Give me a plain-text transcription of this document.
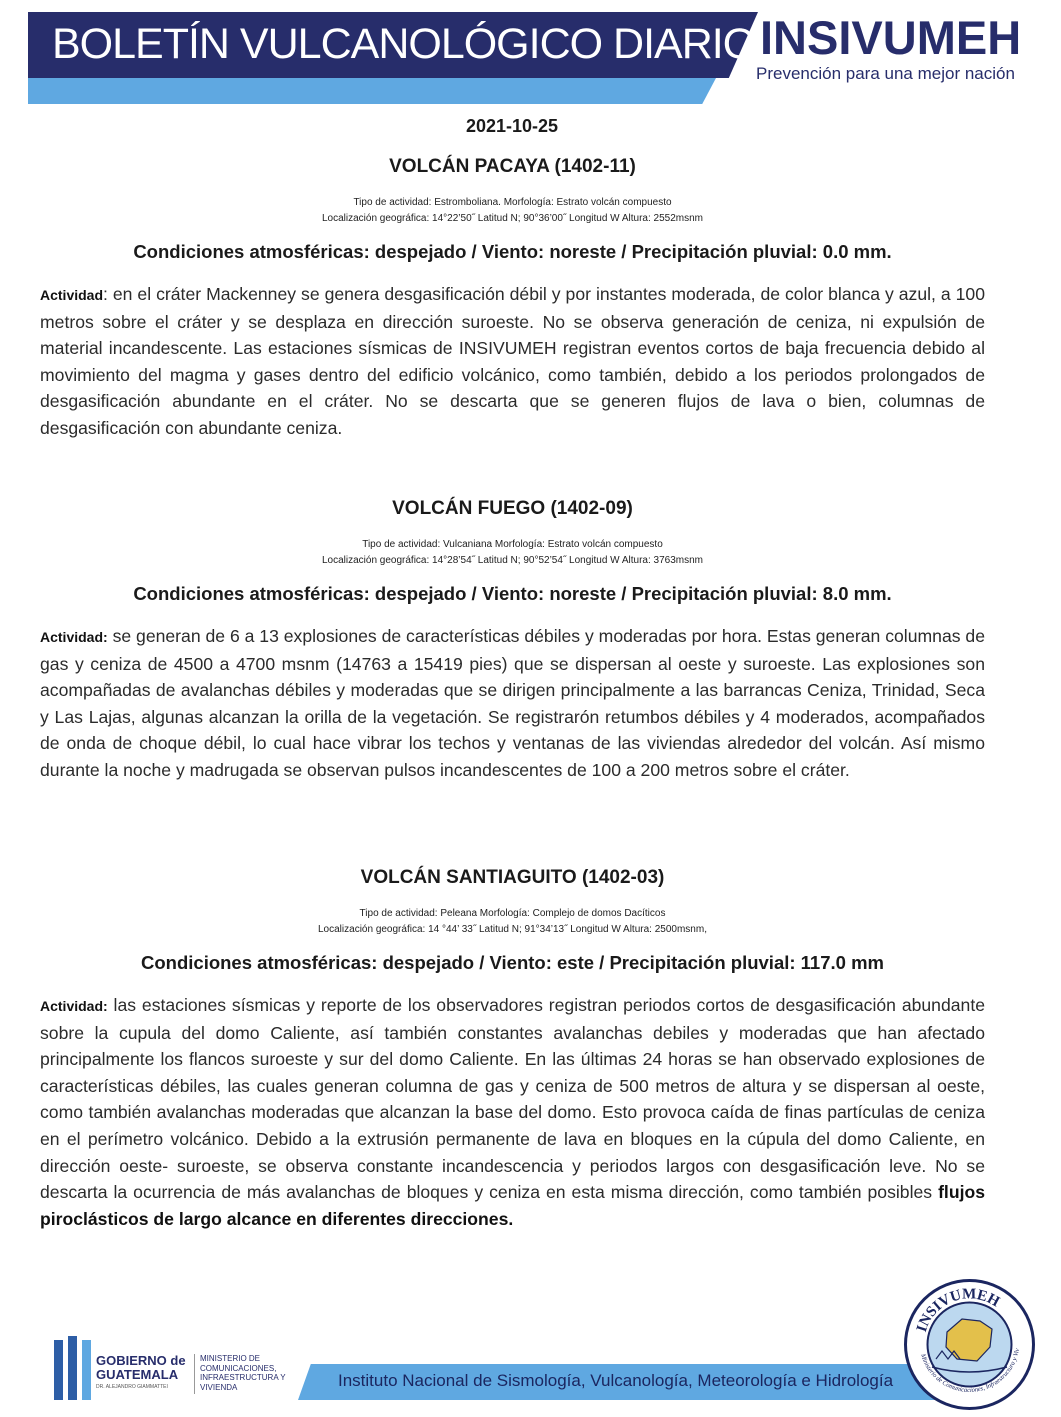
BOLETÍN VULCANOLÓGICO DIARIO INSIVUMEH
Prevención para una mejor nación
2021-10-25
VOLCÁN PACAYA (1402-11)

Tipo de actividad: Estromboliana. Morfología: Estrato volcán compuesto

Localización geográfica: 14°22’50˝ Latitud N; 90°36’00˝ Longitud W Altura: 2552msnm

Condiciones atmosféricas: despejado / Viento: noreste / Precipitación pluvial: 0.0 mm.

Actividad: en el cráter Mackenney se genera desgasificación débil y por instantes moderada, de color blanca y azul, a 100 metros sobre el cráter y se desplaza en dirección suroeste. No se observa generación de ceniza, ni expulsión de material incandescente. Las estaciones sísmicas de INSIVUMEH registran eventos cortos de baja frecuencia debido al movimiento del magma y gases dentro del edificio volcánico, como también, debido a los periodos prolongados de desgasificación abundante en el cráter. No se descarta que se generen flujos de lava o bien, columnas de desgasificación con abundante ceniza.

VOLCÁN FUEGO (1402-09)

Tipo de actividad: Vulcaniana Morfología: Estrato volcán compuesto

Localización geográfica: 14°28’54˝ Latitud N; 90°52’54˝ Longitud W Altura: 3763msnm

Condiciones atmosféricas: despejado / Viento: noreste / Precipitación pluvial: 8.0 mm.

Actividad: se generan de 6 a 13 explosiones de características débiles y moderadas por hora. Estas generan columnas de gas y ceniza de 4500 a 4700 msnm (14763 a 15419 pies) que se dispersan al oeste y suroeste. Las explosiones son acompañadas de avalanchas débiles y moderadas que se dirigen principalmente a las barrancas Ceniza, Trinidad, Seca y Las Lajas, algunas alcanzan la orilla de la vegetación. Se registrarón retumbos débiles y 4 moderados, acompañados de onda de choque débil, lo cual hace vibrar los techos y ventanas de las viviendas alrededor del volcán. Así mismo durante la noche y madrugada se observan pulsos incandescentes de 100 a 200 metros sobre el cráter.

VOLCÁN SANTIAGUITO (1402-03)

Tipo de actividad: Peleana Morfología: Complejo de domos Dacíticos

Localización geográfica: 14 °44’ 33˝ Latitud N; 91°34’13˝ Longitud W Altura: 2500msnm,

Condiciones atmosféricas: despejado / Viento: este / Precipitación pluvial: 117.0 mm

Actividad: las estaciones sísmicas y reporte de los observadores registran periodos cortos de desgasificación abundante sobre la cupula del domo Caliente, así también constantes avalanchas debiles y moderadas que han afectado principalmente los flancos suroeste y sur del domo Caliente. En las últimas 24 horas se han observado explosiones de características débiles, las cuales generan columna de gas y ceniza de 500 metros de altura y se dispersan al oeste, como también avalanchas moderadas que alcanzan la base del domo. Esto provoca caída de finas partículas de ceniza en el perímetro volcánico. Debido a la extrusión permanente de lava en bloques en la cúpula del domo Caliente, en dirección oeste- suroeste, se observa constante incandescencia y periodos largos con desgasificación leve. No se descarta la ocurrencia de más avalanchas de bloques y ceniza en esta misma dirección, como también posibles flujos piroclásticos de largo alcance en diferentes direcciones.

GOBIERNO de
GUATEMALA
DR. ALEJANDRO GIAMMATTEI
MINISTERIO DE COMUNICACIONES, INFRAESTRUCTURA Y VIVIENDA	Instituto Nacional de Sismología, Vulcanología, Meteorología e Hidrología
INSIVUMEH
Ministerio de Comunicaciones, Infraestructura y Viv
